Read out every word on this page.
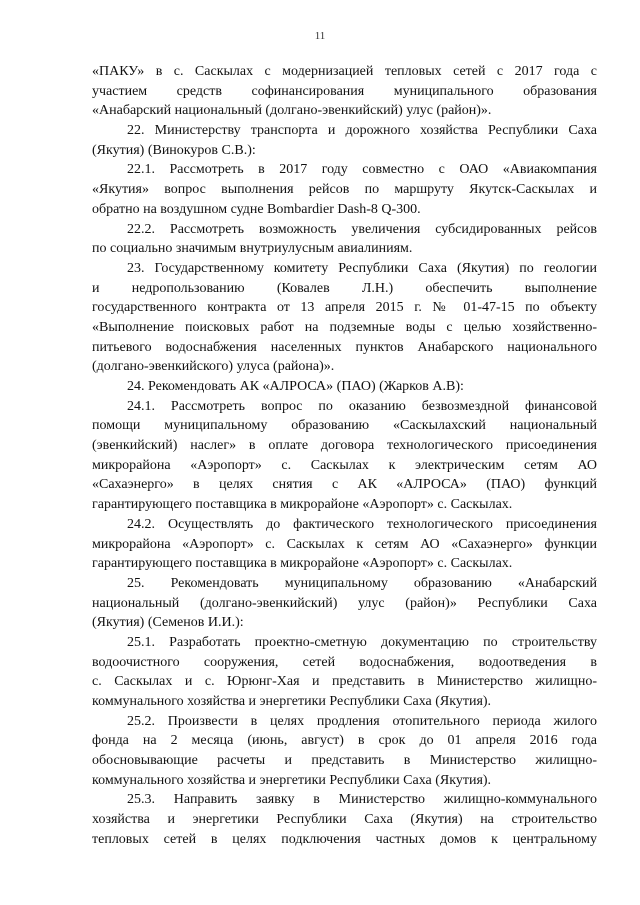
11

«ПАКУ» в с. Саскылах с модернизацией тепловых сетей с 2017 года с
участием средств софинансирования муниципального образования
«Анабарский национальный (долгано-эвенкийский) улус (район)».

22. Министерству транспорта и дорожного хозяйства Республики Саха
(Якутия) (Винокуров С.В.):

22.1. Рассмотреть в 2017 году совместно с ОАО «Авиакомпания
«Якутия» вопрос выполнения рейсов по маршруту Якутск-Саскылах и
обратно на воздушном судне Bombardier Dash-8 Q-300.

22.2. Рассмотреть возможность увеличения субсидированных рейсов
по социально значимым внутриулусным авиалиниям.

23. Государственному комитету Республики Саха (Якутия) по геологии
и недропользованию (Ковалев Л.Н.) обеспечить выполнение
государственного контракта от 13 апреля 2015 г. № 01-47-15 по объекту
«Выполнение поисковых работ на подземные воды с целью хозяйственно-
питьевого водоснабжения населенных пунктов Анабарского национального
(долгано-эвенкийского) улуса (района)».

24. Рекомендовать АК «АЛРОСА» (ПАО) (Жарков А.В):

24.1. Рассмотреть вопрос по оказанию безвозмездной финансовой
помощи муниципальному образованию «Саскылахский национальный
(эвенкийский) наслег» в оплате договора технологического присоединения
микрорайона «Аэропорт» с. Саскылах к электрическим сетям АО
«Сахаэнерго» в целях снятия с АК «АЛРОСА» (ПАО) функций
гарантирующего поставщика в микрорайоне «Аэропорт» с. Саскылах.

24.2. Осуществлять до фактического технологического присоединения
микрорайона «Аэропорт» с. Саскылах к сетям АО «Сахаэнерго» функции
гарантирующего поставщика в микрорайоне «Аэропорт» с. Саскылах.

25. Рекомендовать муниципальному образованию «Анабарский
национальный (долгано-эвенкийский) улус (район)» Республики Саха
(Якутия) (Семенов И.И.):

25.1. Разработать проектно-сметную документацию по строительству
водоочистного сооружения, сетей водоснабжения, водоотведения в
с. Саскылах и с. Юрюнг-Хая и представить в Министерство жилищно-
коммунального хозяйства и энергетики Республики Саха (Якутия).

25.2. Произвести в целях продления отопительного периода жилого
фонда на 2 месяца (июнь, август) в срок до 01 апреля 2016 года
обосновывающие расчеты и представить в Министерство жилищно-
коммунального хозяйства и энергетики Республики Саха (Якутия).

25.3. Направить заявку в Министерство жилищно-коммунального
хозяйства и энергетики Республики Саха (Якутия) на строительство
тепловых сетей в целях подключения частных домов к центральному
